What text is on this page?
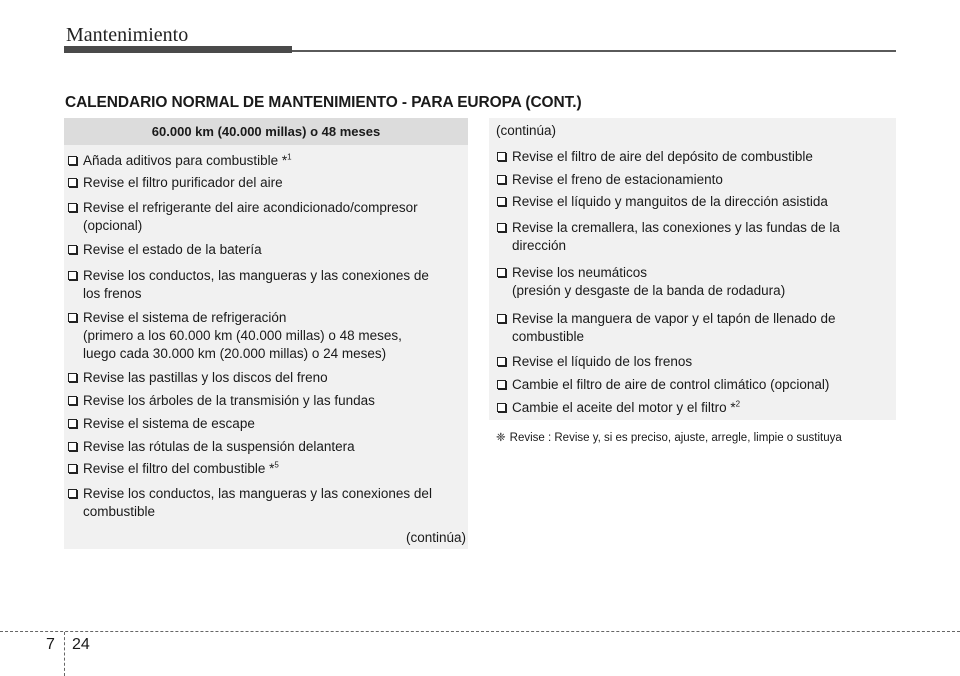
Mantenimiento
CALENDARIO NORMAL DE MANTENIMIENTO - PARA EUROPA (CONT.)
60.000 km (40.000 millas) o 48 meses
Añada aditivos para combustible *$^1$
Revise el filtro purificador del aire
Revise el refrigerante del aire acondicionado/compresor
(opcional)
Revise el estado de la batería
Revise los conductos, las mangueras y las conexiones de
los frenos
Revise el sistema de refrigeración
(primero a los 60.000 km (40.000 millas) o 48 meses,
luego cada 30.000 km (20.000 millas) o 24 meses)
Revise las pastillas y los discos del freno
Revise los árboles de la transmisión y las fundas
Revise el sistema de escape
Revise las rótulas de la suspensión delantera
Revise el filtro del combustible *$^5$
Revise los conductos, las mangueras y las conexiones del
combustible
(continúa)
(continúa)
Revise el filtro de aire del depósito de combustible
Revise el freno de estacionamiento
Revise el líquido y manguitos de la dirección asistida
Revise la cremallera, las conexiones y las fundas de la
dirección
Revise los neumáticos
(presión y desgaste de la banda de rodadura)
Revise la manguera de vapor y el tapón de llenado de
combustible
Revise el líquido de los frenos
Cambie el filtro de aire de control climático (opcional)
Cambie el aceite del motor y el filtro *$^2$
❈ Revise : Revise y, si es preciso, ajuste, arregle, limpie o sustituya
7 24
